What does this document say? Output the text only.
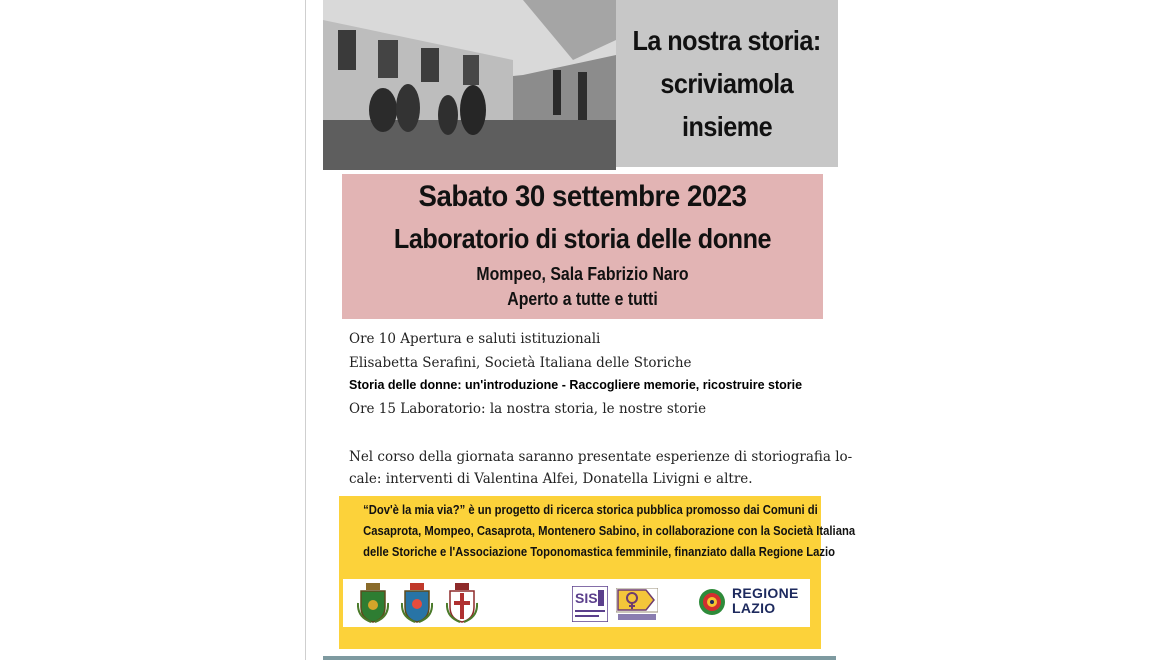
La nostra storia:
scriviamola
insieme
Sabato 30 settembre 2023
Laboratorio di storia delle donne
Mompeo, Sala Fabrizio Naro
Aperto a tutte e tutti
Ore 10 Apertura e saluti istituzionali
Elisabetta Serafini, Società Italiana delle Storiche
Storia delle donne: un'introduzione - Raccogliere memorie, ricostruire storie
Ore 15 Laboratorio: la nostra storia, le nostre storie
Nel corso della giornata saranno presentate esperienze di storiografia lo-
cale: interventi di Valentina Alfei, Donatella Livigni e altre.
“Dov'è la mia via?” è un progetto di ricerca storica pubblica promosso dai Comuni di
Casaprota, Mompeo, Casaprota, Montenero Sabino, in collaborazione con la Società Italiana
delle Storiche e l'Associazione Toponomastica femminile, finanziato dalla Regione Lazio
SIS	REGIONE
LAZIO
